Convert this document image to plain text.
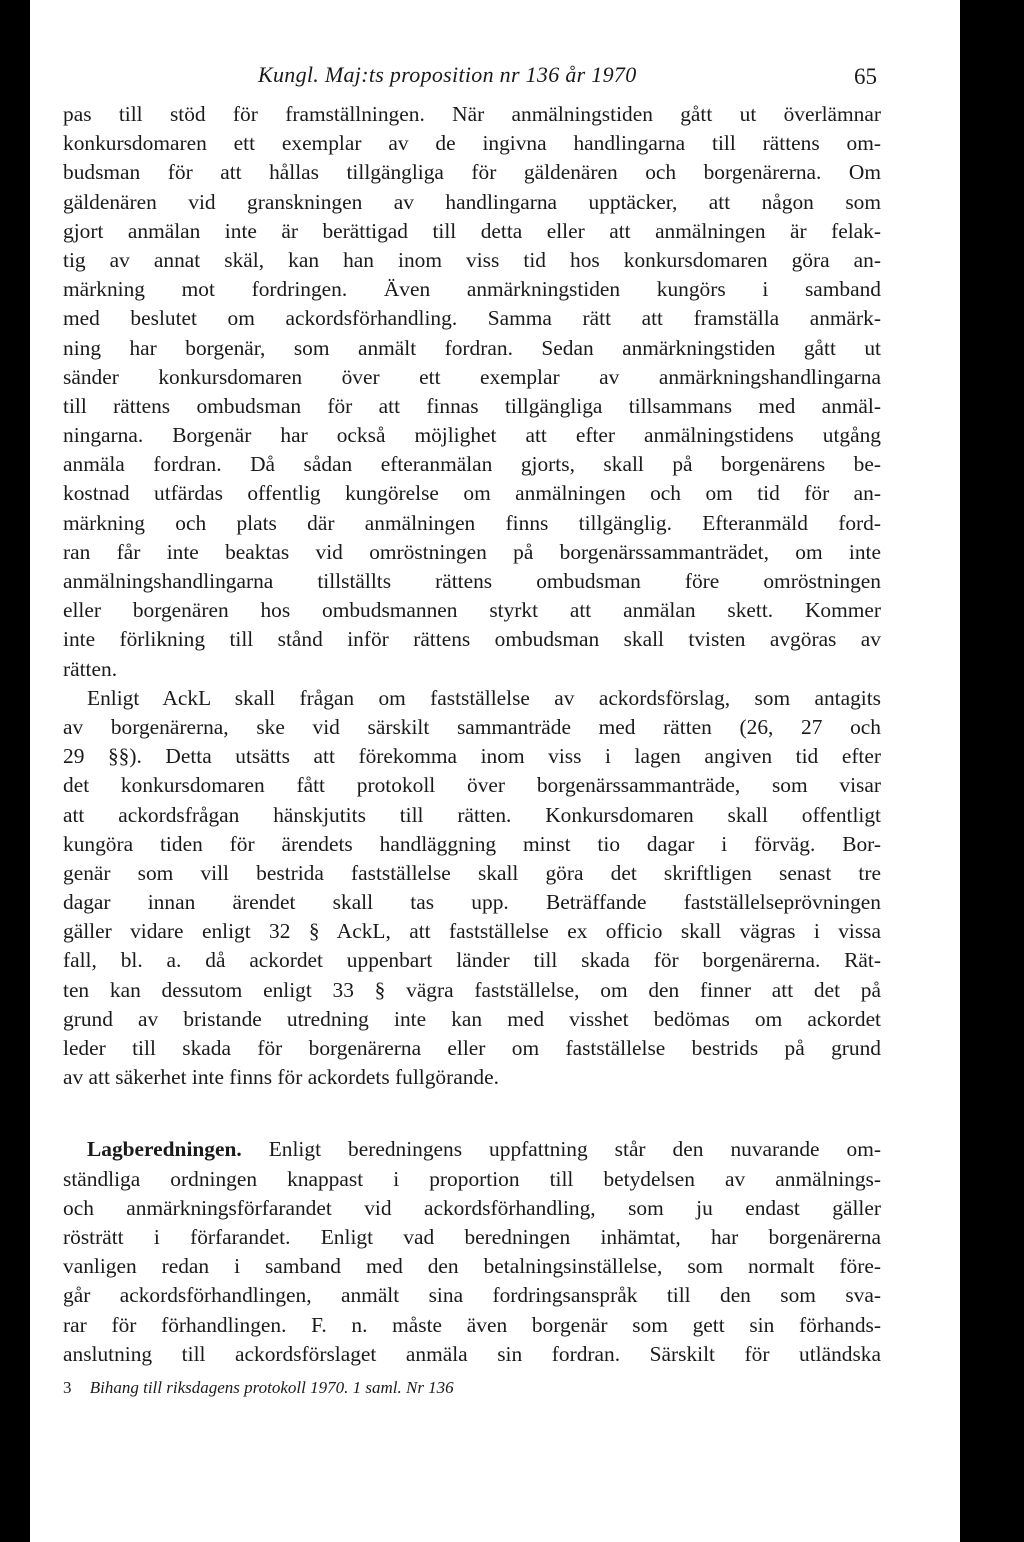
Kungl. Maj:ts proposition nr 136 år 1970	65

pas till stöd för framställningen. När anmälningstiden gått ut överlämnar

konkursdomaren ett exemplar av de ingivna handlingarna till rättens om-

budsman för att hållas tillgängliga för gäldenären och borgenärerna. Om

gäldenären vid granskningen av handlingarna upptäcker, att någon som

gjort anmälan inte är berättigad till detta eller att anmälningen är felak-

tig av annat skäl, kan han inom viss tid hos konkursdomaren göra an-

märkning mot fordringen. Även anmärkningstiden kungörs i samband

med beslutet om ackordsförhandling. Samma rätt att framställa anmärk-

ning har borgenär, som anmält fordran. Sedan anmärkningstiden gått ut

sänder konkursdomaren över ett exemplar av anmärkningshandlingarna

till rättens ombudsman för att finnas tillgängliga tillsammans med anmäl-

ningarna. Borgenär har också möjlighet att efter anmälningstidens utgång

anmäla fordran. Då sådan efteranmälan gjorts, skall på borgenärens be-

kostnad utfärdas offentlig kungörelse om anmälningen och om tid för an-

märkning och plats där anmälningen finns tillgänglig. Efteranmäld ford-

ran får inte beaktas vid omröstningen på borgenärssammanträdet, om inte

anmälningshandlingarna tillställts rättens ombudsman före omröstningen

eller borgenären hos ombudsmannen styrkt att anmälan skett. Kommer

inte förlikning till stånd inför rättens ombudsman skall tvisten avgöras av

rätten.

Enligt AckL skall frågan om fastställelse av ackordsförslag, som antagits

av borgenärerna, ske vid särskilt sammanträde med rätten (26, 27 och

29 §§). Detta utsätts att förekomma inom viss i lagen angiven tid efter

det konkursdomaren fått protokoll över borgenärssammanträde, som visar

att ackordsfrågan hänskjutits till rätten. Konkursdomaren skall offentligt

kungöra tiden för ärendets handläggning minst tio dagar i förväg. Bor-

genär som vill bestrida fastställelse skall göra det skriftligen senast tre

dagar innan ärendet skall tas upp. Beträffande fastställelseprövningen

gäller vidare enligt 32 § AckL, att fastställelse ex officio skall vägras i vissa

fall, bl. a. då ackordet uppenbart länder till skada för borgenärerna. Rät-

ten kan dessutom enligt 33 § vägra fastställelse, om den finner att det på

grund av bristande utredning inte kan med visshet bedömas om ackordet

leder till skada för borgenärerna eller om fastställelse bestrids på grund

av att säkerhet inte finns för ackordets fullgörande.

Lagberedningen. Enligt beredningens uppfattning står den nuvarande om-

ständliga ordningen knappast i proportion till betydelsen av anmälnings-

och anmärkningsförfarandet vid ackordsförhandling, som ju endast gäller

rösträtt i förfarandet. Enligt vad beredningen inhämtat, har borgenärerna

vanligen redan i samband med den betalningsinställelse, som normalt före-

går ackordsförhandlingen, anmält sina fordringsanspråk till den som sva-

rar för förhandlingen. F. n. måste även borgenär som gett sin förhands-

anslutning till ackordsförslaget anmäla sin fordran. Särskilt för utländska

3 Bihang till riksdagens protokoll 1970. 1 saml. Nr 136
